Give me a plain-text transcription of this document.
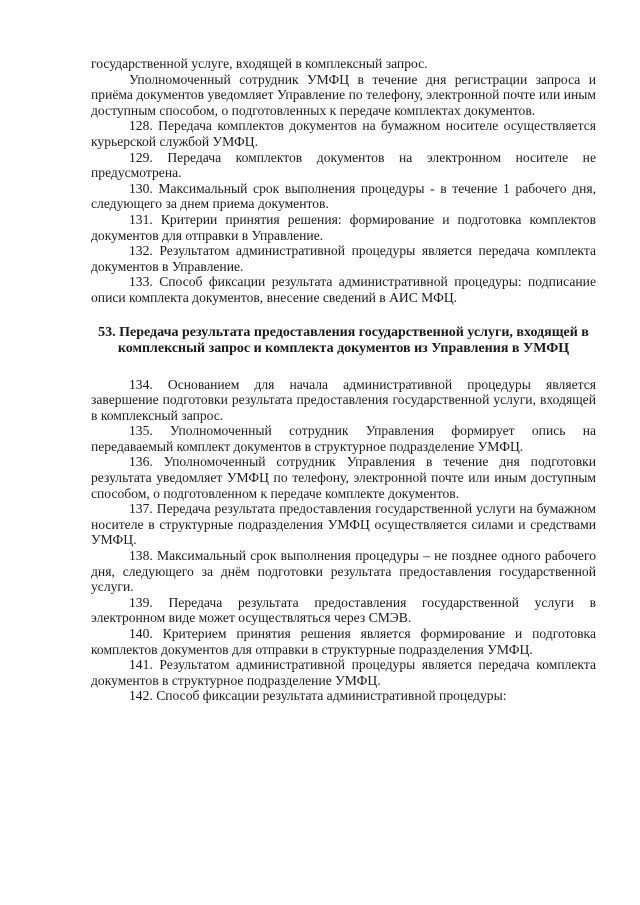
государственной услуге, входящей в комплексный запрос.

Уполномоченный сотрудник УМФЦ в течение дня регистрации запроса и приёма документов уведомляет Управление по телефону, электронной почте или иным доступным способом, о подготовленных к передаче комплектах документов.

128. Передача комплектов документов на бумажном носителе осуществляется курьерской службой УМФЦ.

129. Передача комплектов документов на электронном носителе не предусмотрена.

130. Максимальный срок выполнения процедуры - в течение 1 рабочего дня, следующего за днем приема документов.

131. Критерии принятия решения: формирование и подготовка комплектов документов для отправки в Управление.

132. Результатом административной процедуры является передача комплекта документов в Управление.

133. Способ фиксации результата административной процедуры: подписание описи комплекта документов, внесение сведений в АИС МФЦ.

53. Передача результата предоставления государственной услуги, входящей в комплексный запрос и комплекта документов из Управления в УМФЦ

134. Основанием для начала административной процедуры является завершение подготовки результата предоставления государственной услуги, входящей в комплексный запрос.

135. Уполномоченный сотрудник Управления формирует опись на передаваемый комплект документов в структурное подразделение УМФЦ.

136. Уполномоченный сотрудник Управления в течение дня подготовки результата уведомляет УМФЦ по телефону, электронной почте или иным доступным способом, о подготовленном к передаче комплекте документов.

137. Передача результата предоставления государственной услуги на бумажном носителе в структурные подразделения УМФЦ осуществляется силами и средствами УМФЦ.

138. Максимальный срок выполнения процедуры – не позднее одного рабочего дня, следующего за днём подготовки результата предоставления государственной услуги.

139. Передача результата предоставления государственной услуги в электронном виде может осуществляться через СМЭВ.

140. Критерием принятия решения является формирование и подготовка комплектов документов для отправки в структурные подразделения УМФЦ.

141. Результатом административной процедуры является передача комплекта документов в структурное подразделение УМФЦ.

142. Способ фиксации результата административной процедуры:
